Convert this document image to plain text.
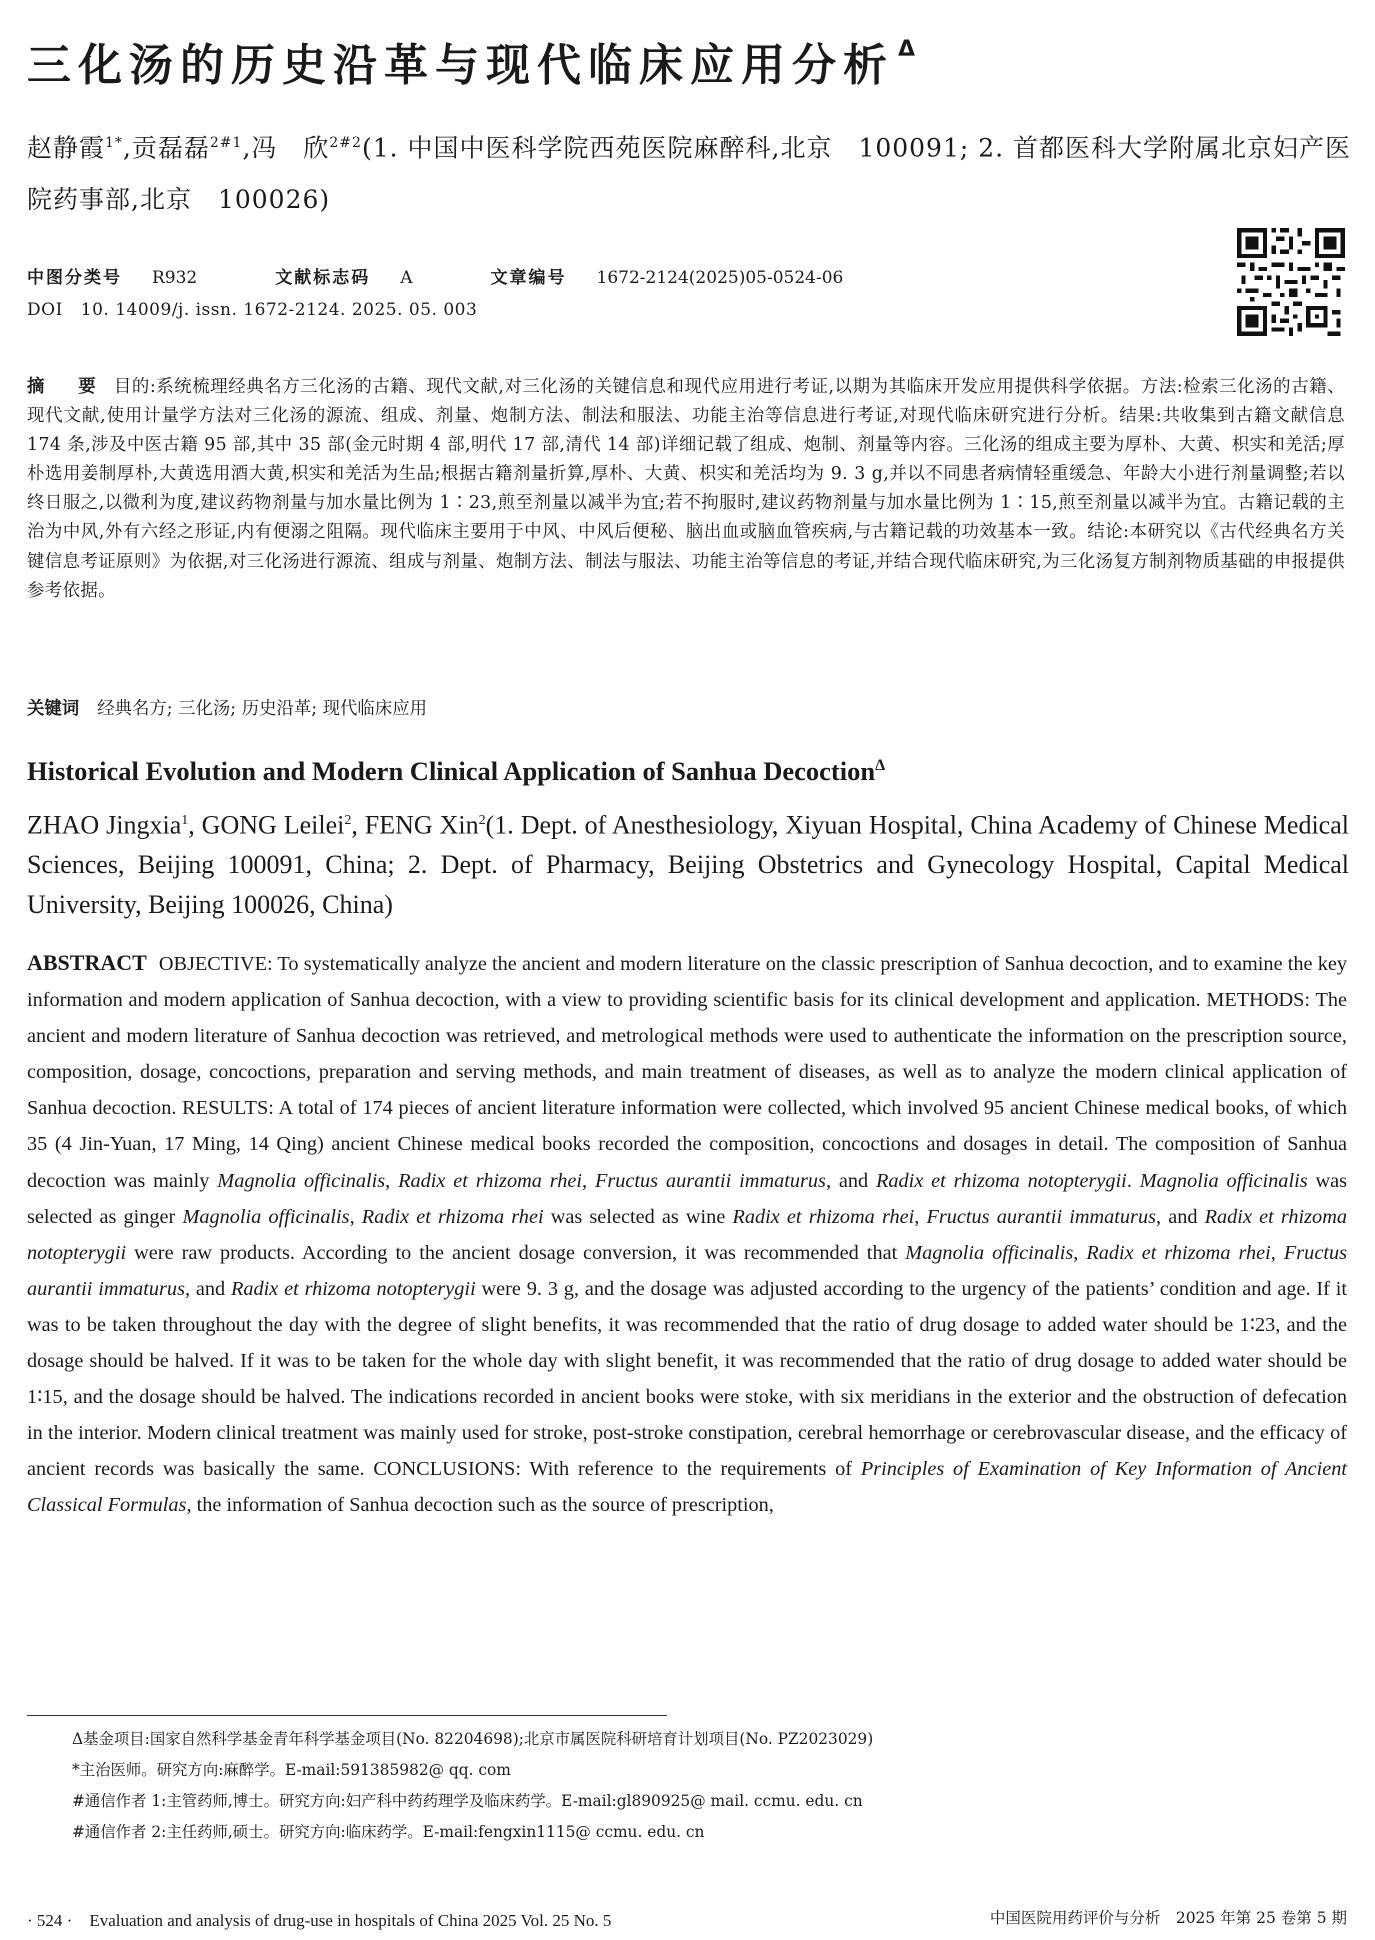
三化汤的历史沿革与现代临床应用分析 $^\Delta$
赵静霞$^{1*}$,贡磊磊$^{2\#1}$,冯　欣$^{2\#2}$(1. 中国中医科学院西苑医院麻醉科,北京　100091; 2. 首都医科大学附属北京妇产医院药事部,北京　100026)
中图分类号 R932	文献标志码 A	文章编号 1672-2124(2025)05-0524-06
DOI 10. 14009/j. issn. 1672-2124. 2025. 05. 003
摘　要 目的:系统梳理经典名方三化汤的古籍、现代文献,对三化汤的关键信息和现代应用进行考证,以期为其临床开发应用提供科学依据。方法:检索三化汤的古籍、现代文献,使用计量学方法对三化汤的源流、组成、剂量、炮制方法、制法和服法、功能主治等信息进行考证,对现代临床研究进行分析。结果:共收集到古籍文献信息 174 条,涉及中医古籍 95 部,其中 35 部(金元时期 4 部,明代 17 部,清代 14 部)详细记载了组成、炮制、剂量等内容。三化汤的组成主要为厚朴、大黄、枳实和羌活;厚朴选用姜制厚朴,大黄选用酒大黄,枳实和羌活为生品;根据古籍剂量折算,厚朴、大黄、枳实和羌活均为 9. 3 g,并以不同患者病情轻重缓急、年龄大小进行剂量调整;若以终日服之,以微利为度,建议药物剂量与加水量比例为 1∶23,煎至剂量以减半为宜;若不拘服时,建议药物剂量与加水量比例为 1∶15,煎至剂量以减半为宜。古籍记载的主治为中风,外有六经之形证,内有便溺之阻隔。现代临床主要用于中风、中风后便秘、脑出血或脑血管疾病,与古籍记载的功效基本一致。结论:本研究以《古代经典名方关键信息考证原则》为依据,对三化汤进行源流、组成与剂量、炮制方法、制法与服法、功能主治等信息的考证,并结合现代临床研究,为三化汤复方制剂物质基础的申报提供参考依据。
关键词 经典名方; 三化汤; 历史沿革; 现代临床应用
Historical Evolution and Modern Clinical Application of Sanhua Decoction$^\Delta$
ZHAO Jingxia$^1$, GONG Leilei$^2$, FENG Xin$^2$(1. Dept. of Anesthesiology, Xiyuan Hospital, China Academy of Chinese Medical Sciences, Beijing 100091, China; 2. Dept. of Pharmacy, Beijing Obstetrics and Gynecology Hospital, Capital Medical University, Beijing 100026, China)
ABSTRACT OBJECTIVE: To systematically analyze the ancient and modern literature on the classic prescription of Sanhua decoction, and to examine the key information and modern application of Sanhua decoction, with a view to providing scientific basis for its clinical development and application. METHODS: The ancient and modern literature of Sanhua decoction was retrieved, and metrological methods were used to authenticate the information on the prescription source, composition, dosage, concoctions, preparation and serving methods, and main treatment of diseases, as well as to analyze the modern clinical application of Sanhua decoction. RESULTS: A total of 174 pieces of ancient literature information were collected, which involved 95 ancient Chinese medical books, of which 35 (4 Jin-Yuan, 17 Ming, 14 Qing) ancient Chinese medical books recorded the composition, concoctions and dosages in detail. The composition of Sanhua decoction was mainly Magnolia officinalis, Radix et rhizoma rhei, Fructus aurantii immaturus, and Radix et rhizoma notopterygii. Magnolia officinalis was selected as ginger Magnolia officinalis, Radix et rhizoma rhei was selected as wine Radix et rhizoma rhei, Fructus aurantii immaturus, and Radix et rhizoma notopterygii were raw products. According to the ancient dosage conversion, it was recommended that Magnolia officinalis, Radix et rhizoma rhei, Fructus aurantii immaturus, and Radix et rhizoma notopterygii were 9. 3 g, and the dosage was adjusted according to the urgency of the patients’ condition and age. If it was to be taken throughout the day with the degree of slight benefits, it was recommended that the ratio of drug dosage to added water should be 1∶23, and the dosage should be halved. If it was to be taken for the whole day with slight benefit, it was recommended that the ratio of drug dosage to added water should be 1∶15, and the dosage should be halved. The indications recorded in ancient books were stoke, with six meridians in the exterior and the obstruction of defecation in the interior. Modern clinical treatment was mainly used for stroke, post-stroke constipation, cerebral hemorrhage or cerebrovascular disease, and the efficacy of ancient records was basically the same. CONCLUSIONS: With reference to the requirements of Principles of Examination of Key Information of Ancient Classical Formulas, the information of Sanhua decoction such as the source of prescription,
Δ基金项目:国家自然科学基金青年科学基金项目(No. 82204698);北京市属医院科研培育计划项目(No. PZ2023029)
*主治医师。研究方向:麻醉学。E-mail:591385982@ qq. com
#通信作者 1:主管药师,博士。研究方向:妇产科中药药理学及临床药学。E-mail:gl890925@ mail. ccmu. edu. cn
#通信作者 2:主任药师,硕士。研究方向:临床药学。E-mail:fengxin1115@ ccmu. edu. cn
· 524 ·　Evaluation and analysis of drug-use in hospitals of China 2025 Vol. 25 No. 5	中国医院用药评价与分析　2025 年第 25 卷第 5 期
